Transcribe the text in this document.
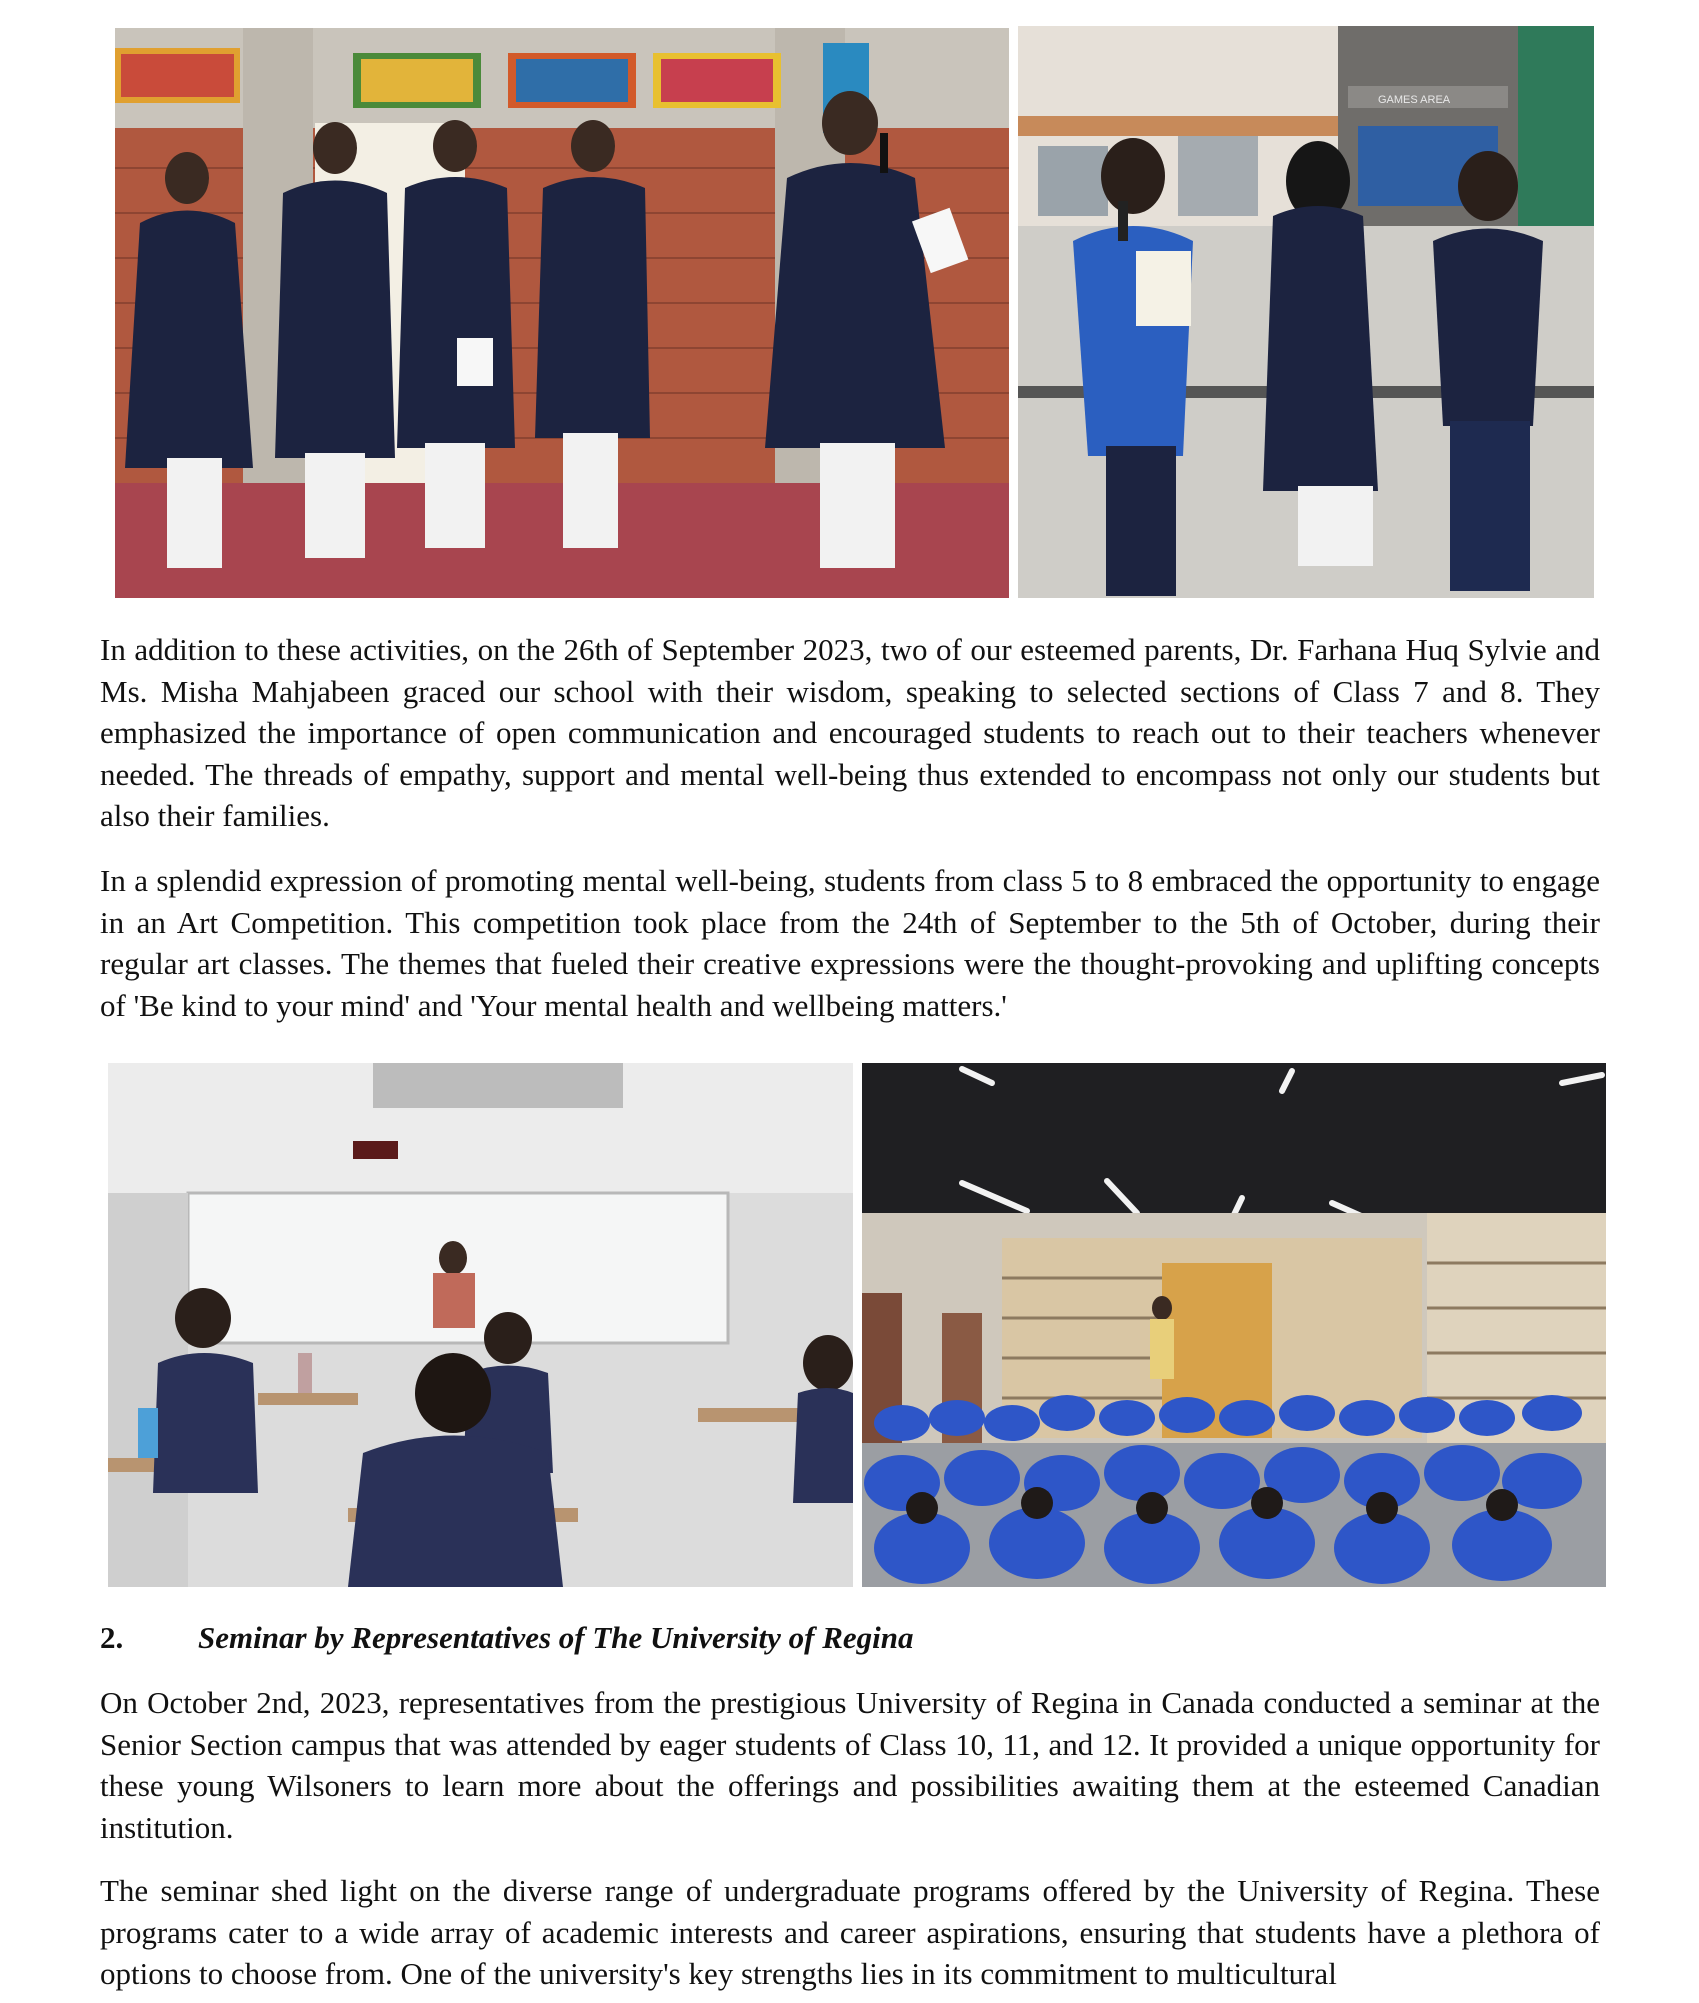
GAMES AREA

In addition to these activities, on the 26th of September 2023, two of our esteemed parents, Dr. Farhana Huq Sylvie and Ms. Misha Mahjabeen graced our school with their wisdom, speaking to selected sections of Class 7 and 8. They emphasized the importance of open communication and encouraged students to reach out to their teachers whenever needed. The threads of empathy, support and mental well-being thus extended to encompass not only our students but also their families.

In a splendid expression of promoting mental well-being, students from class 5 to 8 embraced the opportunity to engage in an Art Competition. This competition took place from the 24th of September to the 5th of October, during their regular art classes. The themes that fueled their creative expressions were the thought-provoking and uplifting concepts of 'Be kind to your mind' and 'Your mental health and wellbeing matters.'

2. Seminar by Representatives of The University of Regina

On October 2nd, 2023, representatives from the prestigious University of Regina in Canada conducted a seminar at the Senior Section campus that was attended by eager students of Class 10, 11, and 12. It provided a unique opportunity for these young Wilsoners to learn more about the offerings and possibilities awaiting them at the esteemed Canadian institution.

The seminar shed light on the diverse range of undergraduate programs offered by the University of Regina. These programs cater to a wide array of academic interests and career aspirations, ensuring that students have a plethora of options to choose from. One of the university's key strengths lies in its commitment to multicultural
